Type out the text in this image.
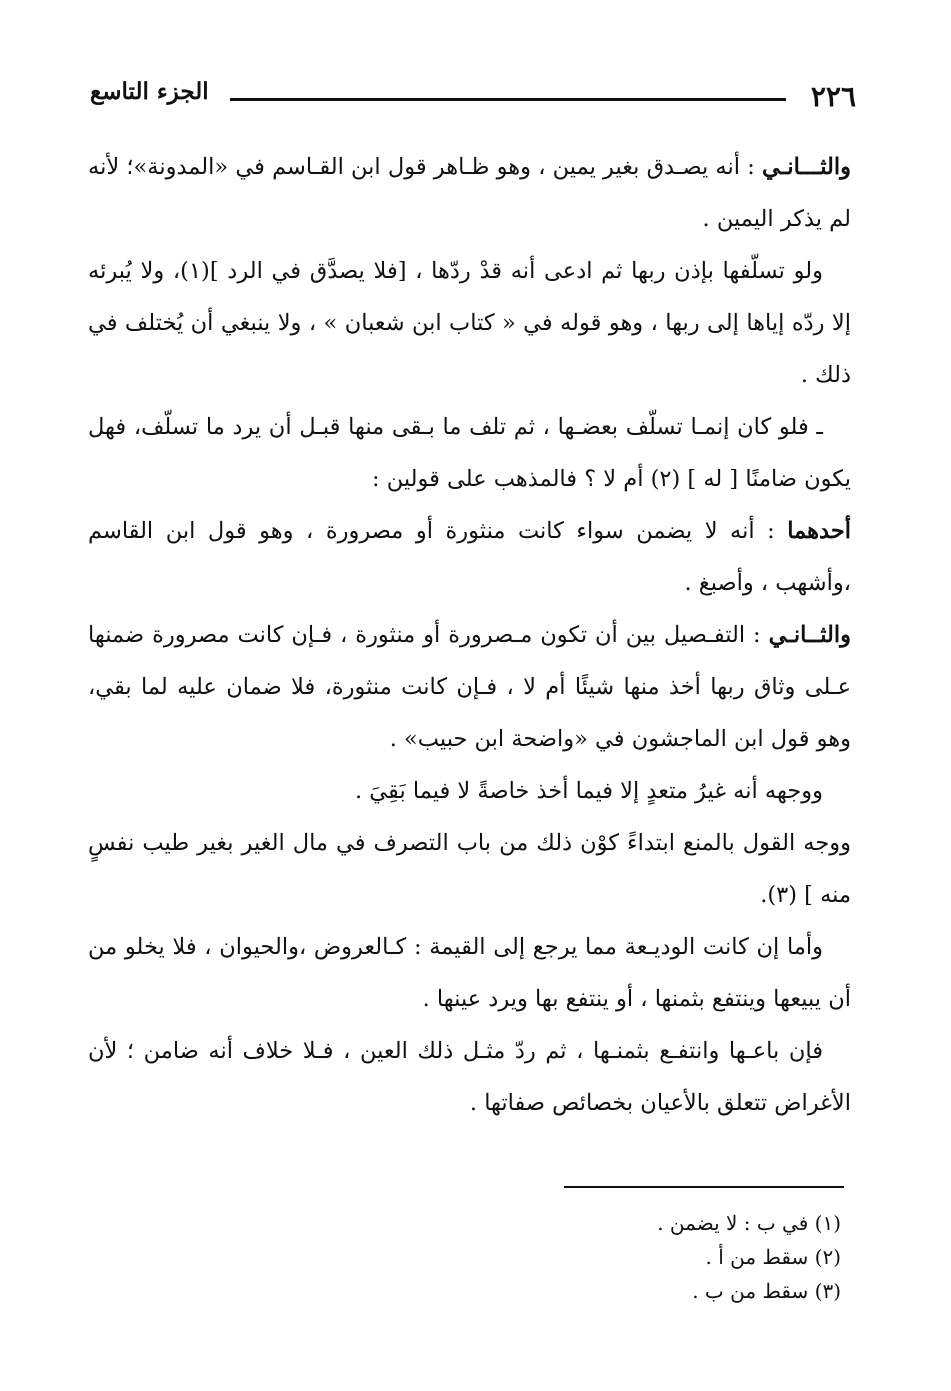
الجزء التاسع	٢٢٦

والثـــانـي : أنه يصـدق بغير يمين ، وهو ظـاهر قول ابن القـاسم في «المدونة»؛ لأنه لم يذكر اليمين .

ولو تسلّفها بإذن ربها ثم ادعى أنه قدْ ردّها ، [فلا يصدَّق في الرد ](١)، ولا يُبرئه إلا ردّه إياها إلى ربها ، وهو قوله في « كتاب ابن شعبان » ، ولا ينبغي أن يُختلف في ذلك .

ـ فلو كان إنمـا تسلّف بعضـها ، ثم تلف ما بـقى منها قبـل أن يرد ما تسلّف، فهل يكون ضامنًا [ له ] (٢) أم لا ؟ فالمذهب على قولين :

أحدهما : أنه لا يضمن سواء كانت منثورة أو مصرورة ، وهو قول ابن القاسم ،وأشهب ، وأصبغ .

والثــانـي : التفـصيل بين أن تكون مـصرورة أو منثورة ، فـإن كانت مصرورة ضمنها عـلى وثاق ربها أخذ منها شيئًا أم لا ، فـإن كانت منثورة، فلا ضمان عليه لما بقي، وهو قول ابن الماجشون في «واضحة ابن حبيب» .

ووجهه أنه غيرُ متعدٍ إلا فيما أخذ خاصةً لا فيما بَقِيَ .

ووجه القول بالمنع ابتداءً كوْن ذلك من باب التصرف في مال الغير بغير طيب نفسٍ منه ] (٣).

وأما إن كانت الوديـعة مما يرجع إلى القيمة : كـالعروض ،والحيوان ، فلا يخلو من أن يبيعها وينتفع بثمنها ، أو ينتفع بها ويرد عينها .

فإن باعـها وانتفـع بثمنـها ، ثم ردّ مثـل ذلك العين ، فـلا خلاف أنه ضامن ؛ لأن الأغراض تتعلق بالأعيان بخصائص صفاتها .

(١) في ب : لا يضمن .
(٢) سقط من أ .
(٣) سقط من ب .
